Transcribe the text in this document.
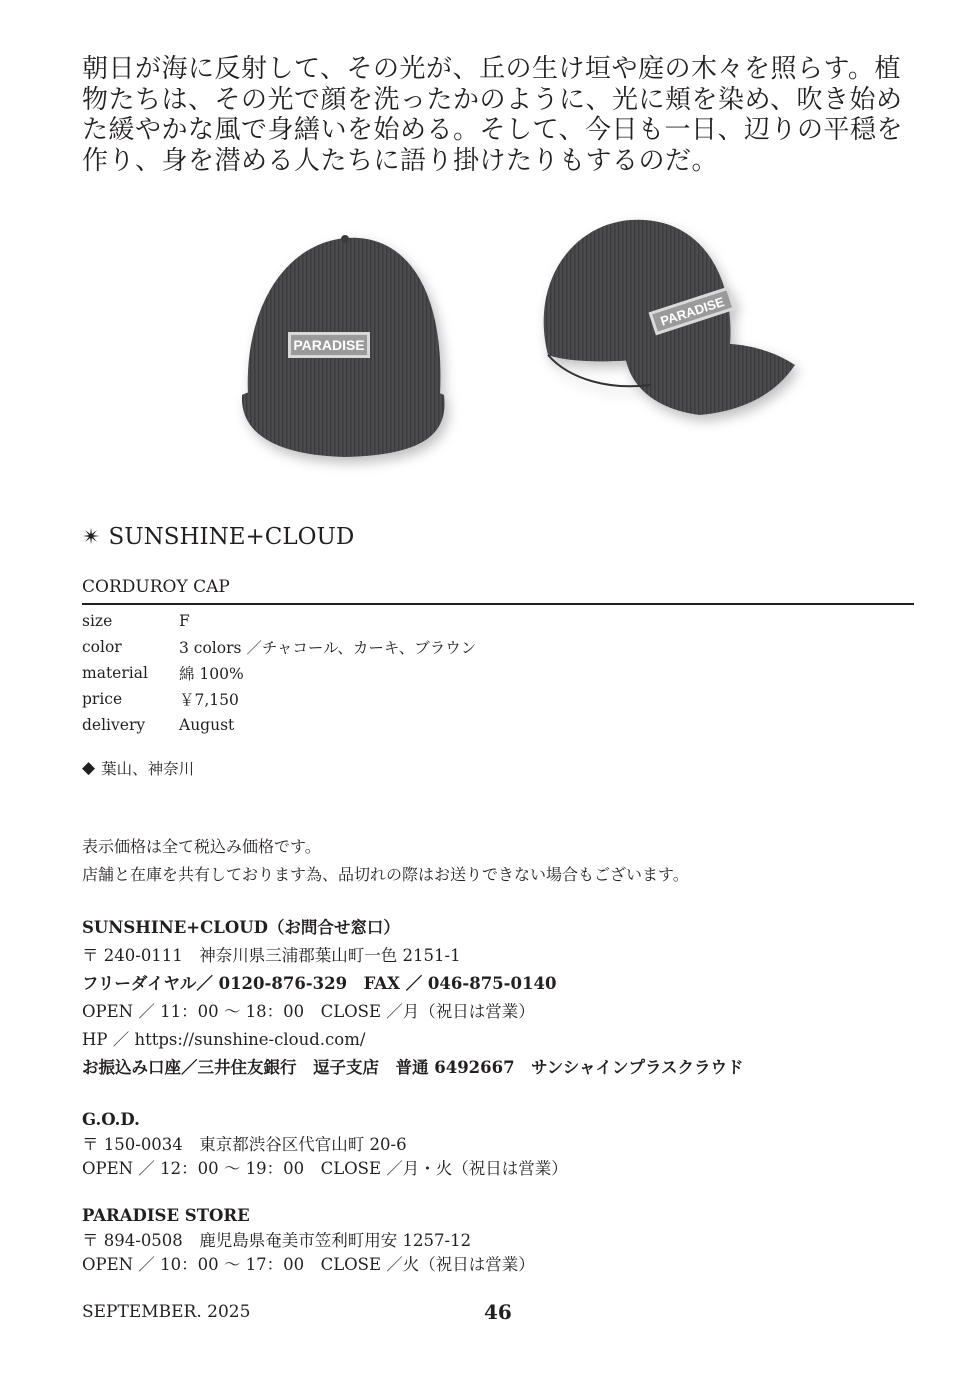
朝日が海に反射して、その光が、丘の生け垣や庭の木々を照らす。植物たちは、その光で顔を洗ったかのように、光に頬を染め、吹き始めた緩やかな風で身繕いを始める。そして、今日も一日、辺りの平穏を作り、身を潜める人たちに語り掛けたりもするのだ。

PARADISE
PARADISE
✴ SUNSHINE+CLOUD
CORDUROY CAP
size	F
color	3 colors ／チャコール、カーキ、ブラウン
material	綿 100%
price	￥7,150
delivery	August
◆ 葉山、神奈川
表示価格は全て税込み価格です。
店舗と在庫を共有しております為、品切れの際はお送りできない場合もございます。
SUNSHINE+CLOUD（お問合せ窓口）
〒 240-0111　神奈川県三浦郡葉山町一色 2151-1
フリーダイヤル／ 0120-876-329　FAX ／ 046-875-0140
OPEN ／ 11：00 ～ 18：00　CLOSE ／月（祝日は営業）
HP ／ https://sunshine-cloud.com/
お振込み口座／三井住友銀行　逗子支店　普通 6492667　サンシャインプラスクラウド
G.O.D.
〒 150-0034　東京都渋谷区代官山町 20-6
OPEN ／ 12：00 ～ 19：00　CLOSE ／月・火（祝日は営業）
PARADISE STORE
〒 894-0508　鹿児島県奄美市笠利町用安 1257-12
OPEN ／ 10：00 ～ 17：00　CLOSE ／火（祝日は営業）
SEPTEMBER. 2025	46
